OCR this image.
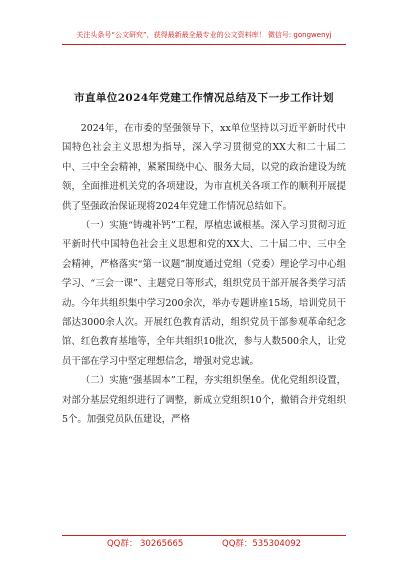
关注头条号“公文研究”，获得最新最全最专业的公文资料库！ 微信号: gongwenyj
市直单位2024年党建工作情况总结及下一步工作计划

2024年，在市委的坚强领导下，xx单位坚持以习近平新时代中国特色社会主义思想为指导，深入学习贯彻党的XX大和二十届二中、三中全会精神，紧紧围绕中心、服务大局，以党的政治建设为统领，全面推进机关党的各项建设，为市直机关各项工作的顺利开展提供了坚强政治保证现将2024年党建工作情况总结如下。

（一）实施“铸魂补钙”工程，厚植忠诚根基。深入学习贯彻习近平新时代中国特色社会主义思想和党的XX大、二十届二中、三中全会精神，严格落实“第一议题”制度通过党组（党委）理论学习中心组学习、“三会一课”、主题党日等形式，组织党员干部开展各类学习活动。今年共组织集中学习200余次，举办专题讲座15场，培训党员干部达3000余人次。开展红色教育活动，组织党员干部参观革命纪念馆、红色教育基地等，全年共组织10批次，参与人数500余人，让党员干部在学习中坚定理想信念，增强对党忠诚。

（二）实施“强基固本”工程，夯实组织堡垒。优化党组织设置，对部分基层党组织进行了调整，新成立党组织10个，撤销合并党组织5个。加强党员队伍建设，严格

QQ群： 30265665	QQ群：535304092
